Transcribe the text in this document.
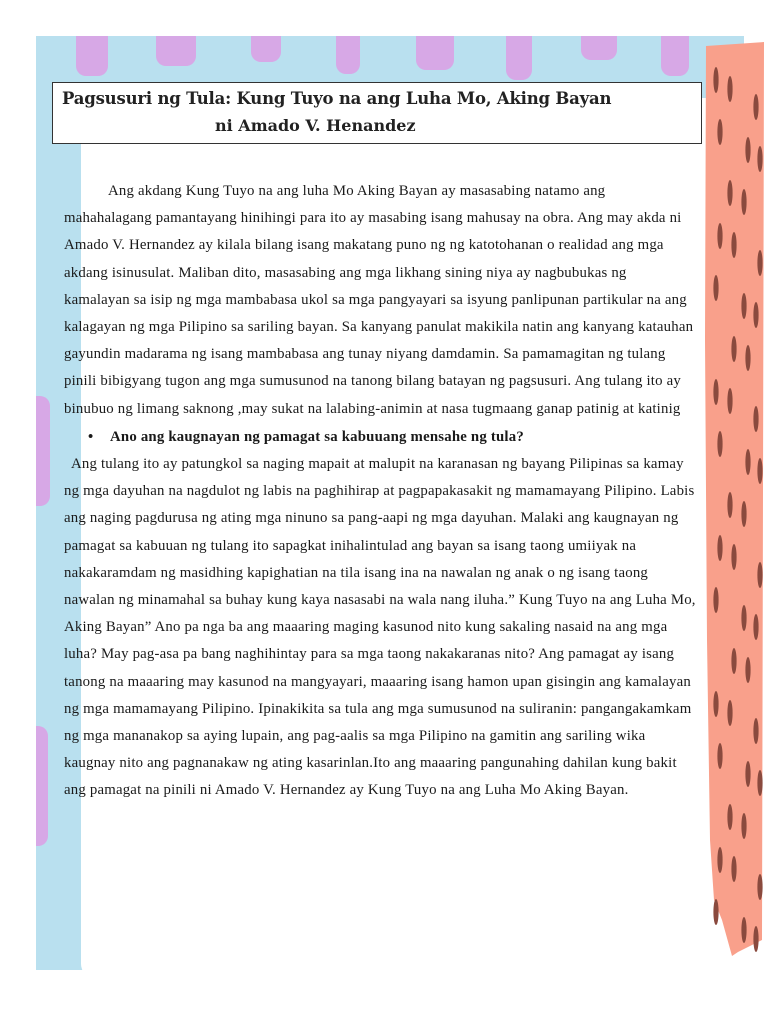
Pagsusuri ng Tula: Kung Tuyo na ang Luha Mo, Aking Bayan
ni Amado V. Henandez

Ang akdang Kung Tuyo na ang luha Mo Aking Bayan ay masasabing natamo ang mahahalagang pamantayang hinihingi para ito ay masabing isang mahusay na obra. Ang may akda ni Amado V. Hernandez ay kilala bilang isang makatang puno ng ng katotohanan o realidad ang mga akdang isinusulat. Maliban dito, masasabing ang mga likhang sining niya ay nagbubukas ng kamalayan sa isip ng mga mambabasa ukol sa mga pangyayari sa isyung panlipunan partikular na ang kalagayan ng mga Pilipino sa sariling bayan. Sa kanyang panulat makikila natin ang kanyang katauhan gayundin madarama ng isang mambabasa ang tunay niyang damdamin. Sa pamamagitan ng tulang pinili bibigyang tugon ang mga sumusunod na tanong bilang batayan ng pagsusuri. Ang tulang ito ay binubuo ng limang saknong ,may sukat na lalabing-animin at nasa tugmaang ganap patinig at katinig

• Ano ang kaugnayan ng pamagat sa kabuuang mensahe ng tula?

Ang tulang ito ay patungkol sa naging mapait at malupit na karanasan ng bayang Pilipinas sa kamay ng mga dayuhan na nagdulot ng labis na paghihirap at pagpapakasakit ng mamamayang Pilipino. Labis ang naging pagdurusa ng ating mga ninuno sa pang-aapi ng mga dayuhan. Malaki ang kaugnayan ng pamagat sa kabuuan ng tulang ito sapagkat inihalintulad ang bayan sa isang taong umiiyak na nakakaramdam ng masidhing kapighatian na tila isang ina na nawalan ng anak o ng isang taong nawalan ng minamahal sa buhay kung kaya nasasabi na wala nang iluha.” Kung Tuyo na ang Luha Mo, Aking Bayan” Ano pa nga ba ang maaaring maging kasunod nito kung sakaling nasaid na ang mga luha? May pag-asa pa bang naghihintay para sa mga taong nakakaranas nito? Ang pamagat ay isang tanong na maaaring may kasunod na mangyayari, maaaring isang hamon upan gisingin ang kamalayan ng mga mamamayang Pilipino. Ipinakikita sa tula ang mga sumusunod na suliranin: pangangakamkam ng mga mananakop sa aying lupain, ang pag-aalis sa mga Pilipino na gamitin ang sariling wika kaugnay nito ang pagnanakaw ng ating kasarinlan.Ito ang maaaring pangunahing dahilan kung bakit ang pamagat na pinili ni Amado V. Hernandez ay Kung Tuyo na ang Luha Mo Aking Bayan.
